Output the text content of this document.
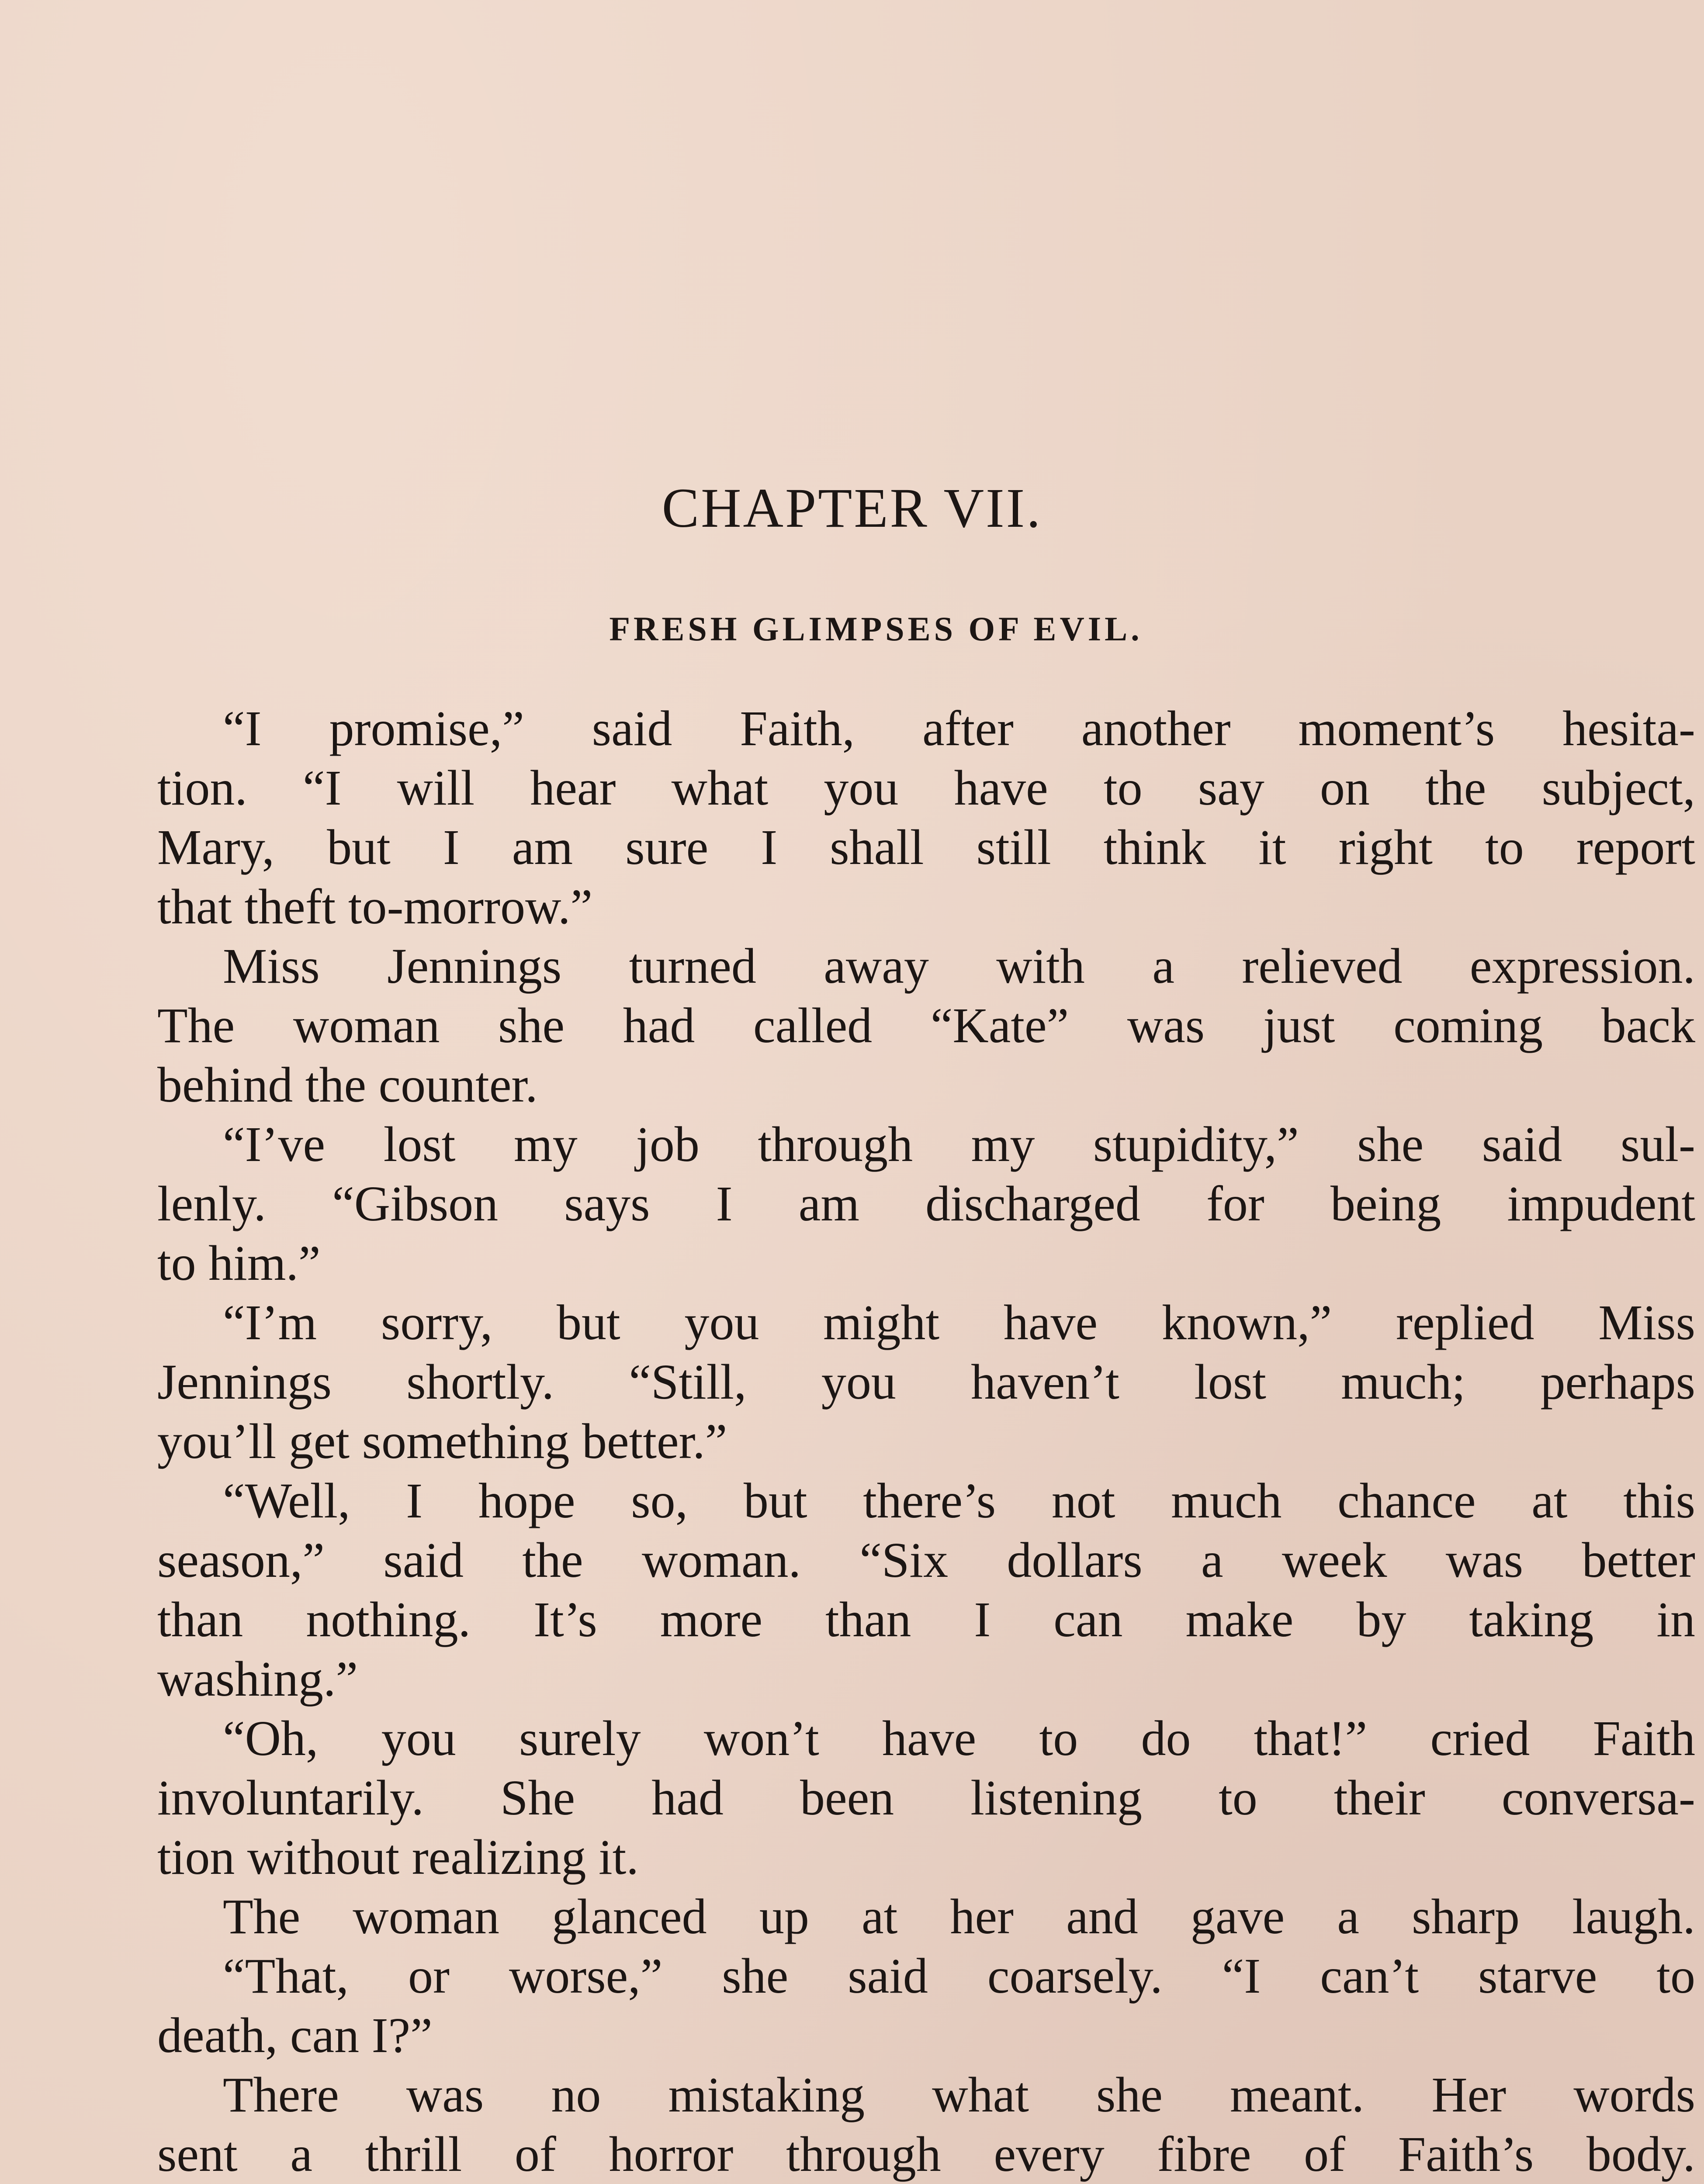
CHAPTER VII.
FRESH GLIMPSES OF EVIL.
“I promise,” said Faith, after another moment’s hesita-
tion. “I will hear what you have to say on the subject,
Mary, but I am sure I shall still think it right to report
that theft to-morrow.”
Miss Jennings turned away with a relieved expression.
The woman she had called “Kate” was just coming back
behind the counter.
“I’ve lost my job through my stupidity,” she said sul-
lenly. “Gibson says I am discharged for being impudent
to him.”
“I’m sorry, but you might have known,” replied Miss
Jennings shortly. “Still, you haven’t lost much; perhaps
you’ll get something better.”
“Well, I hope so, but there’s not much chance at this
season,” said the woman. “Six dollars a week was better
than nothing. It’s more than I can make by taking in
washing.”
“Oh, you surely won’t have to do that!” cried Faith
involuntarily. She had been listening to their conversa-
tion without realizing it.
The woman glanced up at her and gave a sharp laugh.
“That, or worse,” she said coarsely. “I can’t starve to
death, can I?”
There was no mistaking what she meant. Her words
sent a thrill of horror through every fibre of Faith’s body.
